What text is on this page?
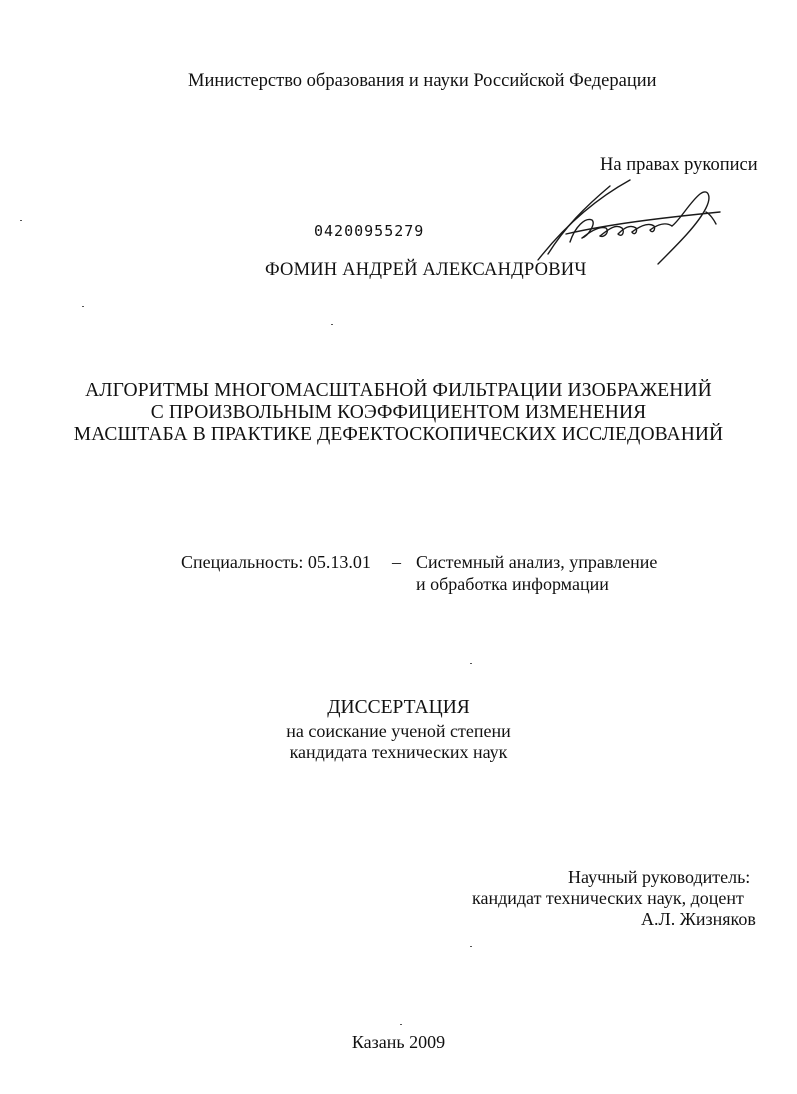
Министерство образования и науки Российской Федерации
На правах рукописи
04200955279
ФОМИН АНДРЕЙ АЛЕКСАНДРОВИЧ
АЛГОРИТМЫ МНОГОМАСШТАБНОЙ ФИЛЬТРАЦИИ ИЗОБРАЖЕНИЙ
С ПРОИЗВОЛЬНЫМ КОЭФФИЦИЕНТОМ ИЗМЕНЕНИЯ
МАСШТАБА В ПРАКТИКЕ ДЕФЕКТОСКОПИЧЕСКИХ ИССЛЕДОВАНИЙ
Специальность: 05.13.01 – Системный анализ, управление
и обработка информации
ДИССЕРТАЦИЯ
на соискание ученой степени
кандидата технических наук
Научный руководитель:
кандидат технических наук, доцент
А.Л. Жизняков
Казань 2009
